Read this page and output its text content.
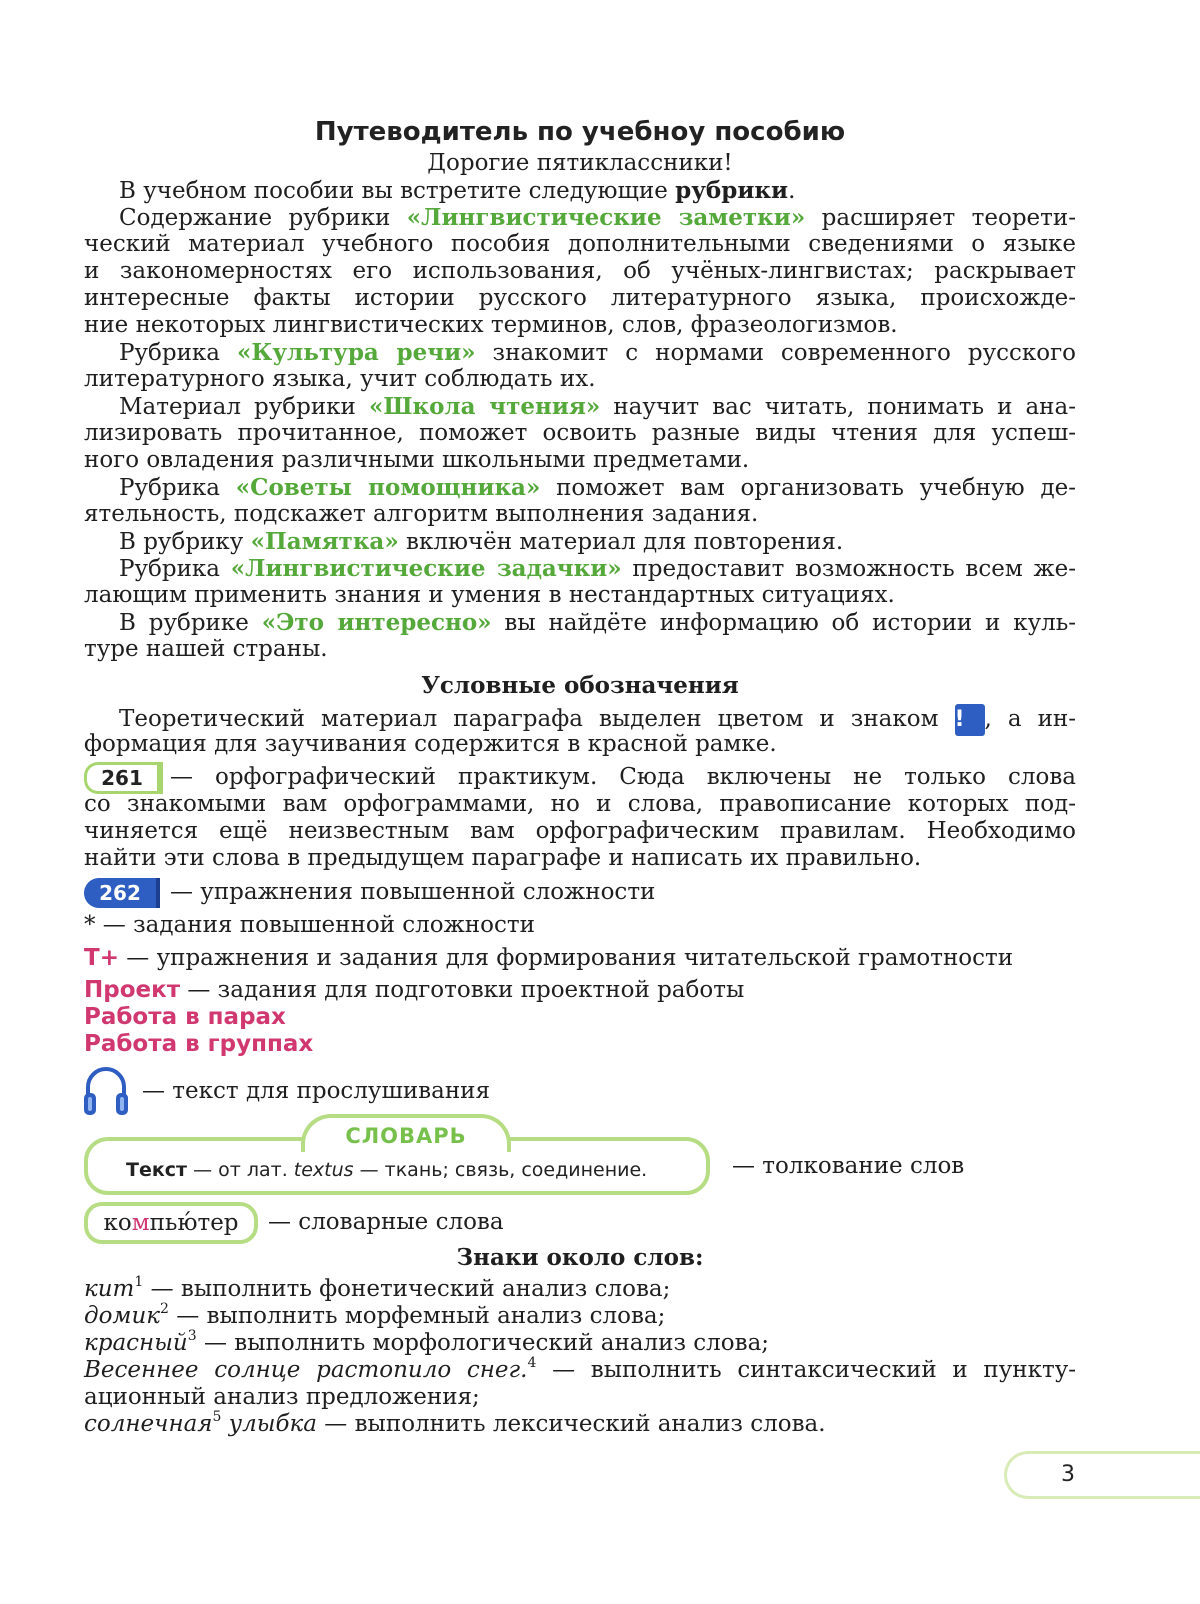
Путеводитель по учебноу пособию
Дорогие пятиклассники!
В учебном пособии вы встретите следующие рубрики.
Содержание рубрики «Лингвистические заметки» расширяет теорети-
ческий материал учебного пособия дополнительными сведениями о языке
и закономерностях его использования, об учёных-лингвистах; раскрывает
интересные факты истории русского литературного языка, происхожде-
ние некоторых лингвистических терминов, слов, фразеологизмов.
Рубрика «Культура речи» знакомит с нормами современного русского
литературного языка, учит соблюдать их.
Материал рубрики «Школа чтения» научит вас читать, понимать и ана-
лизировать прочитанное, поможет освоить разные виды чтения для успеш-
ного овладения различными школьными предметами.
Рубрика «Советы помощника» поможет вам организовать учебную де-
ятельность, подскажет алгоритм выполнения задания.
В рубрику «Памятка» включён материал для повторения.
Рубрика «Лингвистические задачки» предоставит возможность всем же-
лающим применить знания и умения в нестандартных ситуациях.
В рубрике «Это интересно» вы найдёте информацию об истории и куль-
туре нашей страны.
Условные обозначения
Теоретический материал параграфа выделен цветом и знаком ! , а ин-
формация для заучивания содержится в красной рамке.
261	— орфографический практикум. Сюда включены не только слова
со знакомыми вам орфограммами, но и слова, правописание которых под-
чиняется ещё неизвестным вам орфографическим правилам. Необходимо
найти эти слова в предыдущем параграфе и написать их правильно.
262	— упражнения повышенной сложности
* — задания повышенной сложности
Т+ — упражнения и задания для формирования читательской грамотности
Проект — задания для подготовки проектной работы
Работа в парах
Работа в группах
— текст для прослушивания
СЛОВАРЬ
Текст — от лат. textus — ткань; связь, соединение.	— толкование слов
компью́тер	— словарные слова
Знаки около слов:
кит$^1$ — выполнить фонетический анализ слова;
домик$^2$ — выполнить морфемный анализ слова;
красный$^3$ — выполнить морфологический анализ слова;
Весеннее солнце растопило снег.$^4$ — выполнить синтаксический и пункту-
ационный анализ предложения;
солнечная$^5$ улыбка — выполнить лексический анализ слова.
3
